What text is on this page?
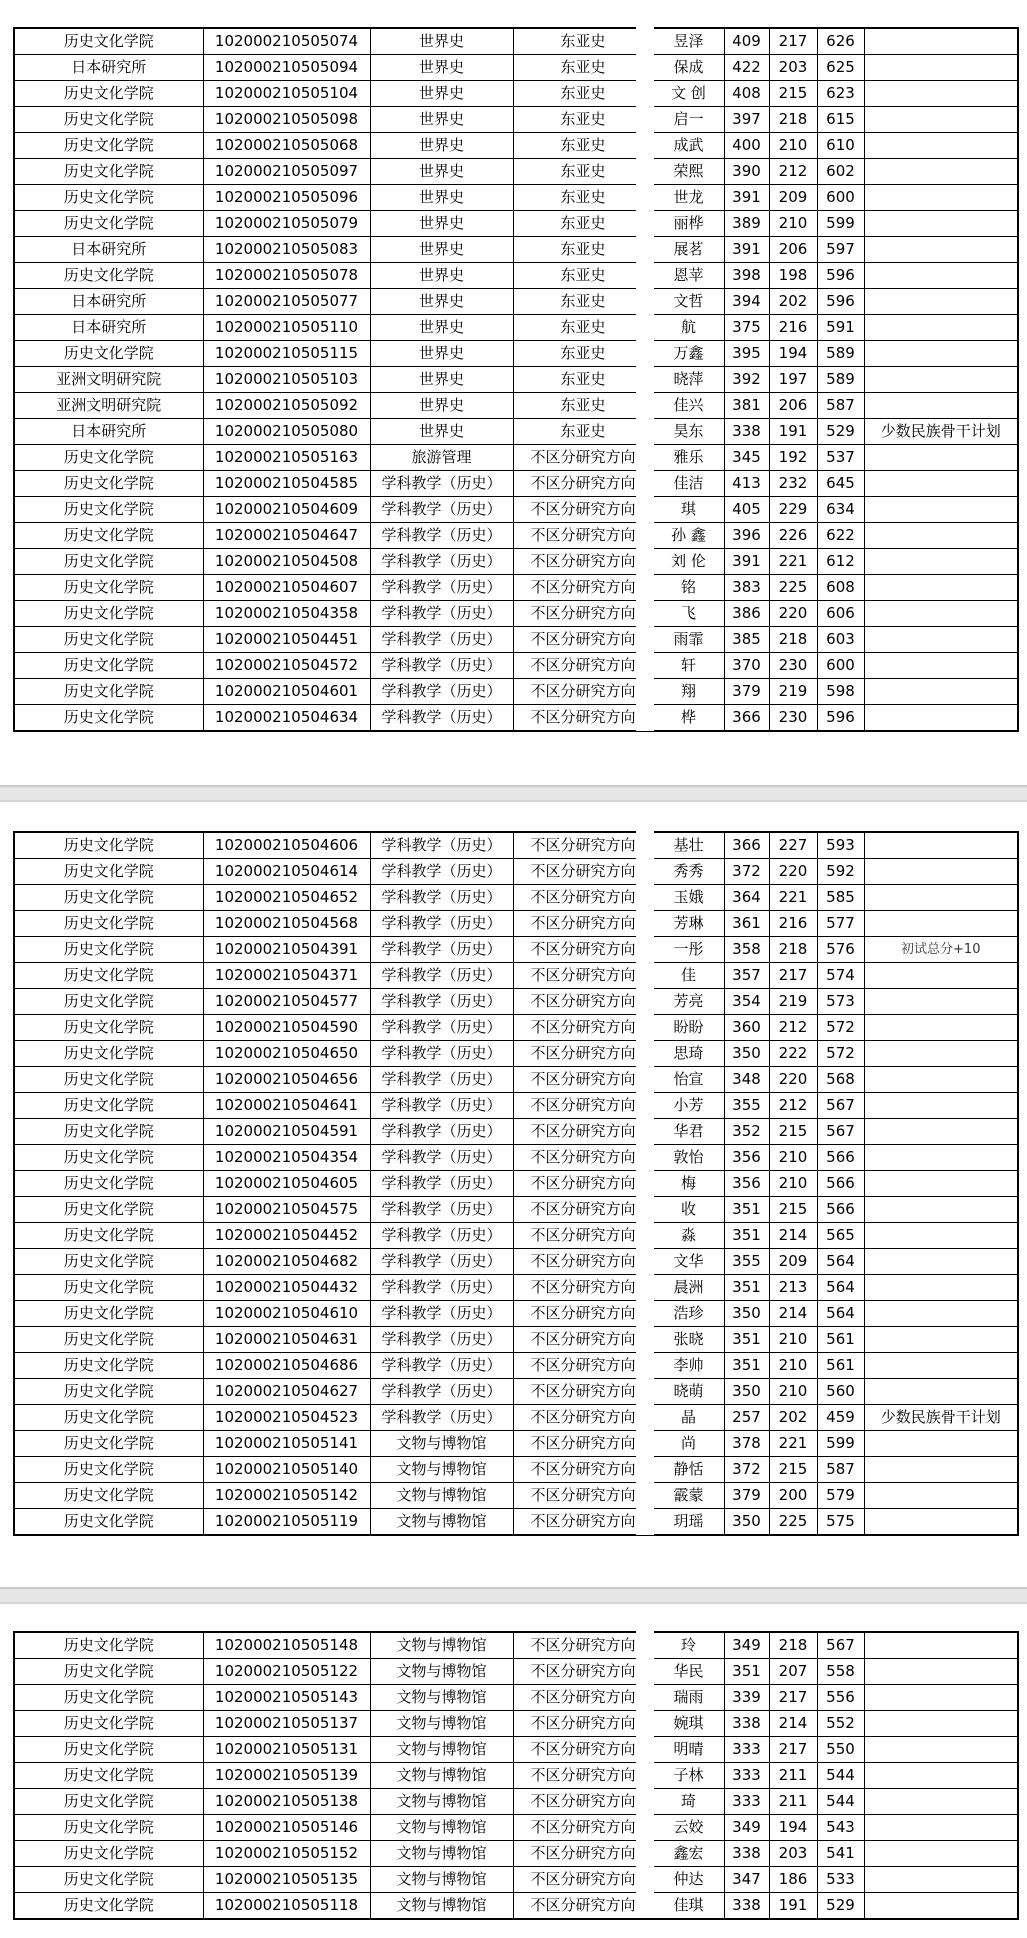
历史文化学院	102000210505074	世界史	东亚史	昱泽	409	217	626	
日本研究所	102000210505094	世界史	东亚史	保成	422	203	625	
历史文化学院	102000210505104	世界史	东亚史	文 创	408	215	623	
历史文化学院	102000210505098	世界史	东亚史	启一	397	218	615	
历史文化学院	102000210505068	世界史	东亚史	成武	400	210	610	
历史文化学院	102000210505097	世界史	东亚史	荣熙	390	212	602	
历史文化学院	102000210505096	世界史	东亚史	世龙	391	209	600	
历史文化学院	102000210505079	世界史	东亚史	丽桦	389	210	599	
日本研究所	102000210505083	世界史	东亚史	展茗	391	206	597	
历史文化学院	102000210505078	世界史	东亚史	恩苹	398	198	596	
日本研究所	102000210505077	世界史	东亚史	文哲	394	202	596	
日本研究所	102000210505110	世界史	东亚史	航	375	216	591	
历史文化学院	102000210505115	世界史	东亚史	万鑫	395	194	589	
亚洲文明研究院	102000210505103	世界史	东亚史	晓萍	392	197	589	
亚洲文明研究院	102000210505092	世界史	东亚史	佳兴	381	206	587	
日本研究所	102000210505080	世界史	东亚史	昊东	338	191	529	少数民族骨干计划
历史文化学院	102000210505163	旅游管理	不区分研究方向	雅乐	345	192	537	
历史文化学院	102000210504585	学科教学（历史）	不区分研究方向	佳洁	413	232	645	
历史文化学院	102000210504609	学科教学（历史）	不区分研究方向	琪	405	229	634	
历史文化学院	102000210504647	学科教学（历史）	不区分研究方向	孙 鑫	396	226	622	
历史文化学院	102000210504508	学科教学（历史）	不区分研究方向	刘 伦	391	221	612	
历史文化学院	102000210504607	学科教学（历史）	不区分研究方向	铭	383	225	608	
历史文化学院	102000210504358	学科教学（历史）	不区分研究方向	飞	386	220	606	
历史文化学院	102000210504451	学科教学（历史）	不区分研究方向	雨霏	385	218	603	
历史文化学院	102000210504572	学科教学（历史）	不区分研究方向	轩	370	230	600	
历史文化学院	102000210504601	学科教学（历史）	不区分研究方向	翔	379	219	598	
历史文化学院	102000210504634	学科教学（历史）	不区分研究方向	桦	366	230	596	
历史文化学院	102000210504606	学科教学（历史）	不区分研究方向	基壮	366	227	593	
历史文化学院	102000210504614	学科教学（历史）	不区分研究方向	秀秀	372	220	592	
历史文化学院	102000210504652	学科教学（历史）	不区分研究方向	玉娥	364	221	585	
历史文化学院	102000210504568	学科教学（历史）	不区分研究方向	芳琳	361	216	577	
历史文化学院	102000210504391	学科教学（历史）	不区分研究方向	一彤	358	218	576	初试总分+10
历史文化学院	102000210504371	学科教学（历史）	不区分研究方向	佳	357	217	574	
历史文化学院	102000210504577	学科教学（历史）	不区分研究方向	芳亮	354	219	573	
历史文化学院	102000210504590	学科教学（历史）	不区分研究方向	盼盼	360	212	572	
历史文化学院	102000210504650	学科教学（历史）	不区分研究方向	思琦	350	222	572	
历史文化学院	102000210504656	学科教学（历史）	不区分研究方向	怡宣	348	220	568	
历史文化学院	102000210504641	学科教学（历史）	不区分研究方向	小芳	355	212	567	
历史文化学院	102000210504591	学科教学（历史）	不区分研究方向	华君	352	215	567	
历史文化学院	102000210504354	学科教学（历史）	不区分研究方向	敦怡	356	210	566	
历史文化学院	102000210504605	学科教学（历史）	不区分研究方向	梅	356	210	566	
历史文化学院	102000210504575	学科教学（历史）	不区分研究方向	收	351	215	566	
历史文化学院	102000210504452	学科教学（历史）	不区分研究方向	淼	351	214	565	
历史文化学院	102000210504682	学科教学（历史）	不区分研究方向	文华	355	209	564	
历史文化学院	102000210504432	学科教学（历史）	不区分研究方向	晨洲	351	213	564	
历史文化学院	102000210504610	学科教学（历史）	不区分研究方向	浩珍	350	214	564	
历史文化学院	102000210504631	学科教学（历史）	不区分研究方向	张晓	351	210	561	
历史文化学院	102000210504686	学科教学（历史）	不区分研究方向	李帅	351	210	561	
历史文化学院	102000210504627	学科教学（历史）	不区分研究方向	晓萌	350	210	560	
历史文化学院	102000210504523	学科教学（历史）	不区分研究方向	晶	257	202	459	少数民族骨干计划
历史文化学院	102000210505141	文物与博物馆	不区分研究方向	尚	378	221	599	
历史文化学院	102000210505140	文物与博物馆	不区分研究方向	静恬	372	215	587	
历史文化学院	102000210505142	文物与博物馆	不区分研究方向	霰蒙	379	200	579	
历史文化学院	102000210505119	文物与博物馆	不区分研究方向	玥瑶	350	225	575	
历史文化学院	102000210505148	文物与博物馆	不区分研究方向	玲	349	218	567	
历史文化学院	102000210505122	文物与博物馆	不区分研究方向	华民	351	207	558	
历史文化学院	102000210505143	文物与博物馆	不区分研究方向	瑞雨	339	217	556	
历史文化学院	102000210505137	文物与博物馆	不区分研究方向	婉琪	338	214	552	
历史文化学院	102000210505131	文物与博物馆	不区分研究方向	明晴	333	217	550	
历史文化学院	102000210505139	文物与博物馆	不区分研究方向	子林	333	211	544	
历史文化学院	102000210505138	文物与博物馆	不区分研究方向	琦	333	211	544	
历史文化学院	102000210505146	文物与博物馆	不区分研究方向	云姣	349	194	543	
历史文化学院	102000210505152	文物与博物馆	不区分研究方向	鑫宏	338	203	541	
历史文化学院	102000210505135	文物与博物馆	不区分研究方向	仲达	347	186	533	
历史文化学院	102000210505118	文物与博物馆	不区分研究方向	佳琪	338	191	529	
